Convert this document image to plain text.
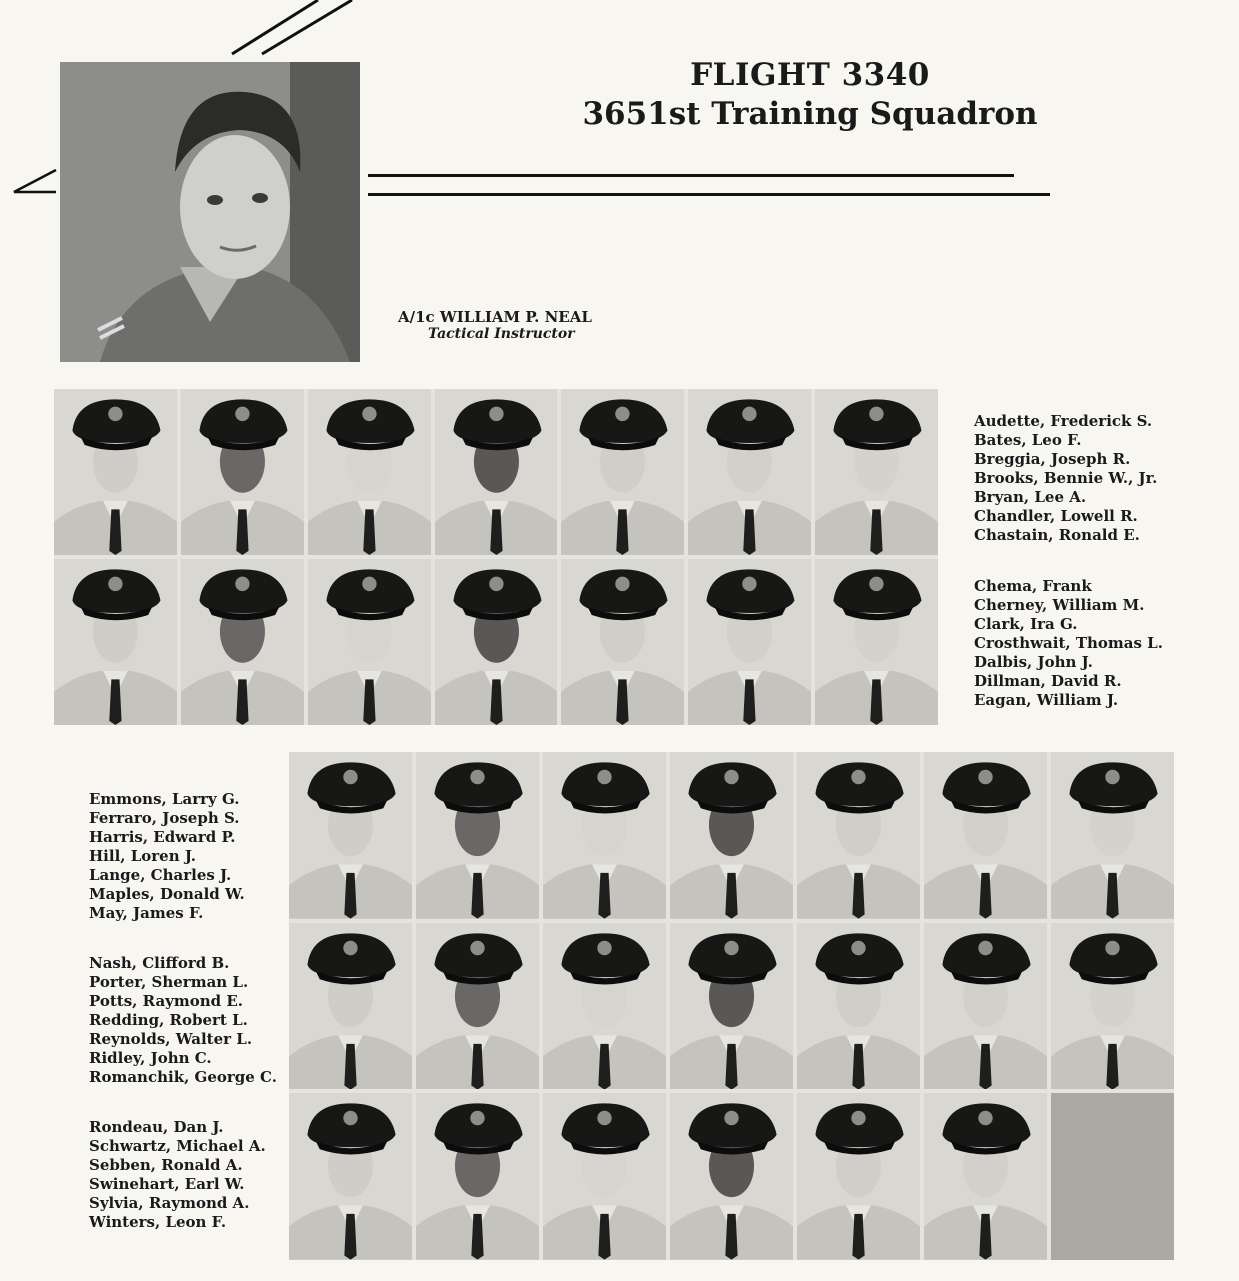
FLIGHT 3340
3651st Training Squadron
A/1c WILLIAM P. NEAL
Tactical Instructor
Audette, Frederick S.
Bates, Leo F.
Breggia, Joseph R.
Brooks, Bennie W., Jr.
Bryan, Lee A.
Chandler, Lowell R.
Chastain, Ronald E.
Chema, Frank
Cherney, William M.
Clark, Ira G.
Crosthwait, Thomas L.
Dalbis, John J.
Dillman, David R.
Eagan, William J.
Emmons, Larry G.
Ferraro, Joseph S.
Harris, Edward P.
Hill, Loren J.
Lange, Charles J.
Maples, Donald W.
May, James F.
Nash, Clifford B.
Porter, Sherman L.
Potts, Raymond E.
Redding, Robert L.
Reynolds, Walter L.
Ridley, John C.
Romanchik, George C.
Rondeau, Dan J.
Schwartz, Michael A.
Sebben, Ronald A.
Swinehart, Earl W.
Sylvia, Raymond A.
Winters, Leon F.
